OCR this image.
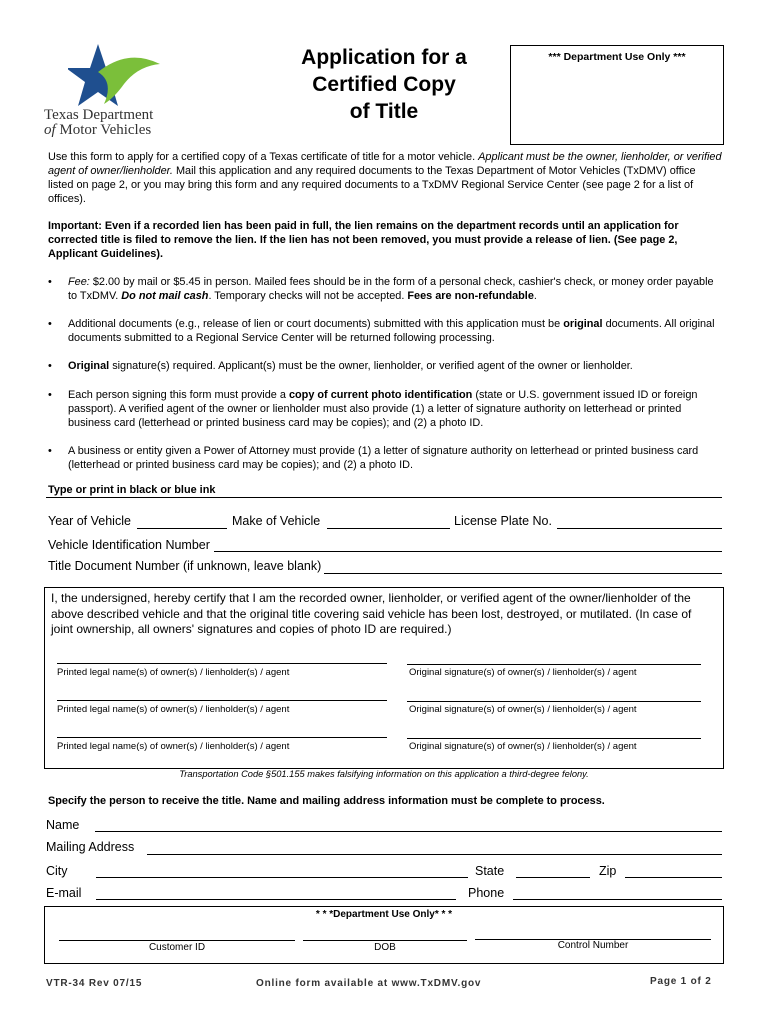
Texas Department
of Motor Vehicles
Application for a
Certified Copy
of Title
*** Department Use Only ***
Use this form to apply for a certified copy of a Texas certificate of title for a motor vehicle. Applicant must be the owner, lienholder, or verified agent of owner/lienholder. Mail this application and any required documents to the Texas Department of Motor Vehicles (TxDMV) office listed on page 2, or you may bring this form and any required documents to a TxDMV Regional Service Center (see page 2 for a list of offices).
Important: Even if a recorded lien has been paid in full, the lien remains on the department records until an application for corrected title is filed to remove the lien. If the lien has not been removed, you must provide a release of lien. (See page 2, Applicant Guidelines).
• Fee: $2.00 by mail or $5.45 in person. Mailed fees should be in the form of a personal check, cashier's check, or money order payable to TxDMV. Do not mail cash. Temporary checks will not be accepted. Fees are non-refundable.
• Additional documents (e.g., release of lien or court documents) submitted with this application must be original documents. All original documents submitted to a Regional Service Center will be returned following processing.
• Original signature(s) required. Applicant(s) must be the owner, lienholder, or verified agent of the owner or lienholder.
• Each person signing this form must provide a copy of current photo identification (state or U.S. government issued ID or foreign passport). A verified agent of the owner or lienholder must also provide (1) a letter of signature authority on letterhead or printed business card (letterhead or printed business card may be copies); and (2) a photo ID.
• A business or entity given a Power of Attorney must provide (1) a letter of signature authority on letterhead or printed business card (letterhead or printed business card may be copies); and (2) a photo ID.
Type or print in black or blue ink
Year of Vehicle	Make of Vehicle	License Plate No.
Vehicle Identification Number
Title Document Number (if unknown, leave blank)
I, the undersigned, hereby certify that I am the recorded owner, lienholder, or verified agent of the owner/lienholder of the above described vehicle and that the original title covering said vehicle has been lost, destroyed, or mutilated. (In case of joint ownership, all owners' signatures and copies of photo ID are required.)
Printed legal name(s) of owner(s) / lienholder(s) / agent	Original signature(s) of owner(s) / lienholder(s) / agent
Printed legal name(s) of owner(s) / lienholder(s) / agent	Original signature(s) of owner(s) / lienholder(s) / agent
Printed legal name(s) of owner(s) / lienholder(s) / agent	Original signature(s) of owner(s) / lienholder(s) / agent
Transportation Code §501.155 makes falsifying information on this application a third-degree felony.
Specify the person to receive the title. Name and mailing address information must be complete to process.
Name
Mailing Address
City	State	Zip
E-mail	Phone
* * *Department Use Only* * *
Customer ID	DOB	Control Number
VTR-34 Rev 07/15	Online form available at www.TxDMV.gov	Page 1 of 2
